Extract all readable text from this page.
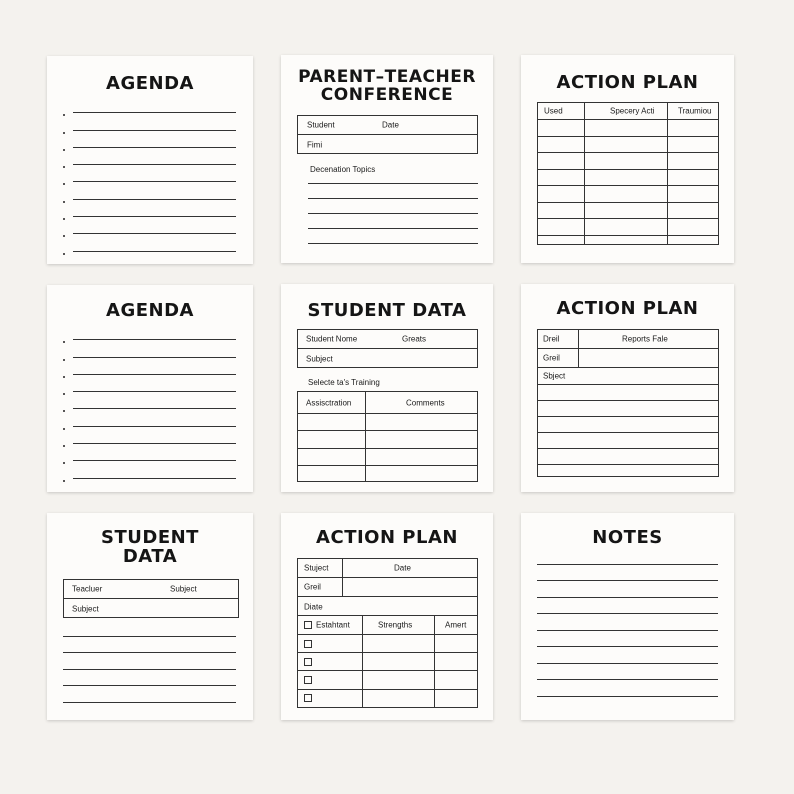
AGENDA	PARENT–TEACHER
CONFERENCE
Student	Date
Fimi
Decenation Topics
ACTION PLAN
Used	Specery Acti	Traumiou
AGENDA	STUDENT DATA
Student Nome	Greats
Subject
Selecte ta's Training
Assisctration	Comments
ACTION PLAN
Dreil	Reports Fale
Greil
Sbject
STUDENT
DATA
Teacluer	Subject
Subject
ACTION PLAN
Stuject	Date
Greil
Diate
Estahtant	Strengths	Amert
NOTES
